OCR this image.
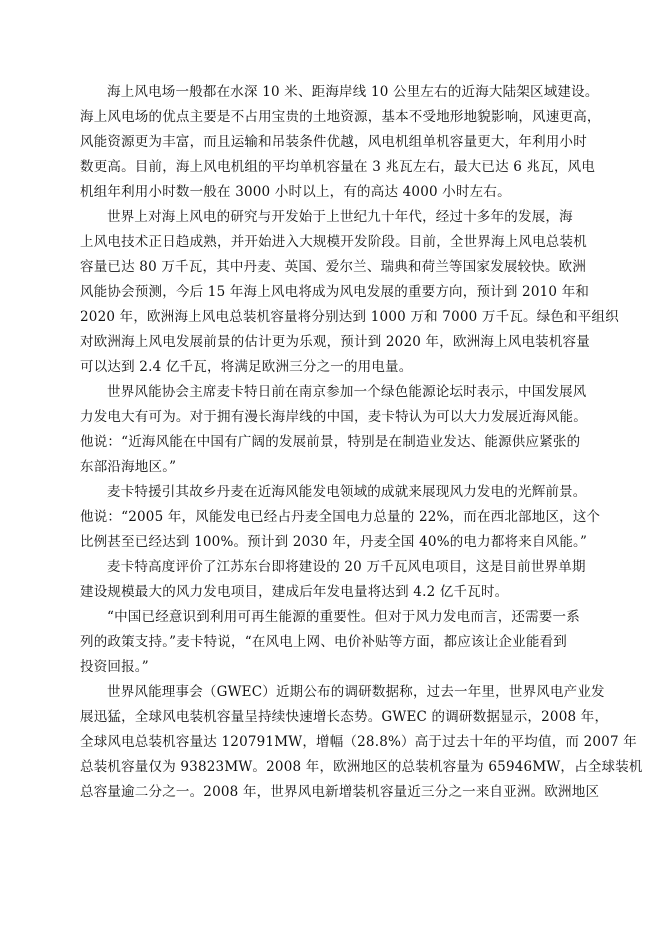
海上风电场一般都在水深 10 米、距海岸线 10 公里左右的近海大陆架区域建设。
海上风电场的优点主要是不占用宝贵的土地资源，基本不受地形地貌影响，风速更高，
风能资源更为丰富，而且运输和吊装条件优越，风电机组单机容量更大，年利用小时
数更高。目前，海上风电机组的平均单机容量在 3 兆瓦左右，最大已达 6 兆瓦，风电
机组年利用小时数一般在 3000 小时以上，有的高达 4000 小时左右。

世界上对海上风电的研究与开发始于上世纪九十年代，经过十多年的发展，海
上风电技术正日趋成熟，并开始进入大规模开发阶段。目前，全世界海上风电总装机
容量已达 80 万千瓦，其中丹麦、英国、爱尔兰、瑞典和荷兰等国家发展较快。欧洲
风能协会预测，今后 15 年海上风电将成为风电发展的重要方向，预计到 2010 年和
2020 年，欧洲海上风电总装机容量将分别达到 1000 万和 7000 万千瓦。绿色和平组织
对欧洲海上风电发展前景的估计更为乐观，预计到 2020 年，欧洲海上风电装机容量
可以达到 2.4 亿千瓦，将满足欧洲三分之一的用电量。

世界风能协会主席麦卡特日前在南京参加一个绿色能源论坛时表示，中国发展风
力发电大有可为。对于拥有漫长海岸线的中国，麦卡特认为可以大力发展近海风能。
他说：“近海风能在中国有广阔的发展前景，特别是在制造业发达、能源供应紧张的
东部沿海地区。”

麦卡特援引其故乡丹麦在近海风能发电领域的成就来展现风力发电的光辉前景。
他说：“2005 年，风能发电已经占丹麦全国电力总量的 22%，而在西北部地区，这个
比例甚至已经达到 100%。预计到 2030 年，丹麦全国 40%的电力都将来自风能。”

麦卡特高度评价了江苏东台即将建设的 20 万千瓦风电项目，这是目前世界单期
建设规模最大的风力发电项目，建成后年发电量将达到 4.2 亿千瓦时。

“中国已经意识到利用可再生能源的重要性。但对于风力发电而言，还需要一系
列的政策支持。”麦卡特说，“在风电上网、电价补贴等方面，都应该让企业能看到
投资回报。”

世界风能理事会（GWEC）近期公布的调研数据称，过去一年里，世界风电产业发
展迅猛，全球风电装机容量呈持续快速增长态势。GWEC 的调研数据显示，2008 年，
全球风电总装机容量达 120791MW，增幅（28.8%）高于过去十年的平均值，而 2007 年
总装机容量仅为 93823MW。2008 年，欧洲地区的总装机容量为 65946MW，占全球装机
总容量逾二分之一。2008 年，世界风电新增装机容量近三分之一来自亚洲。欧洲地区
